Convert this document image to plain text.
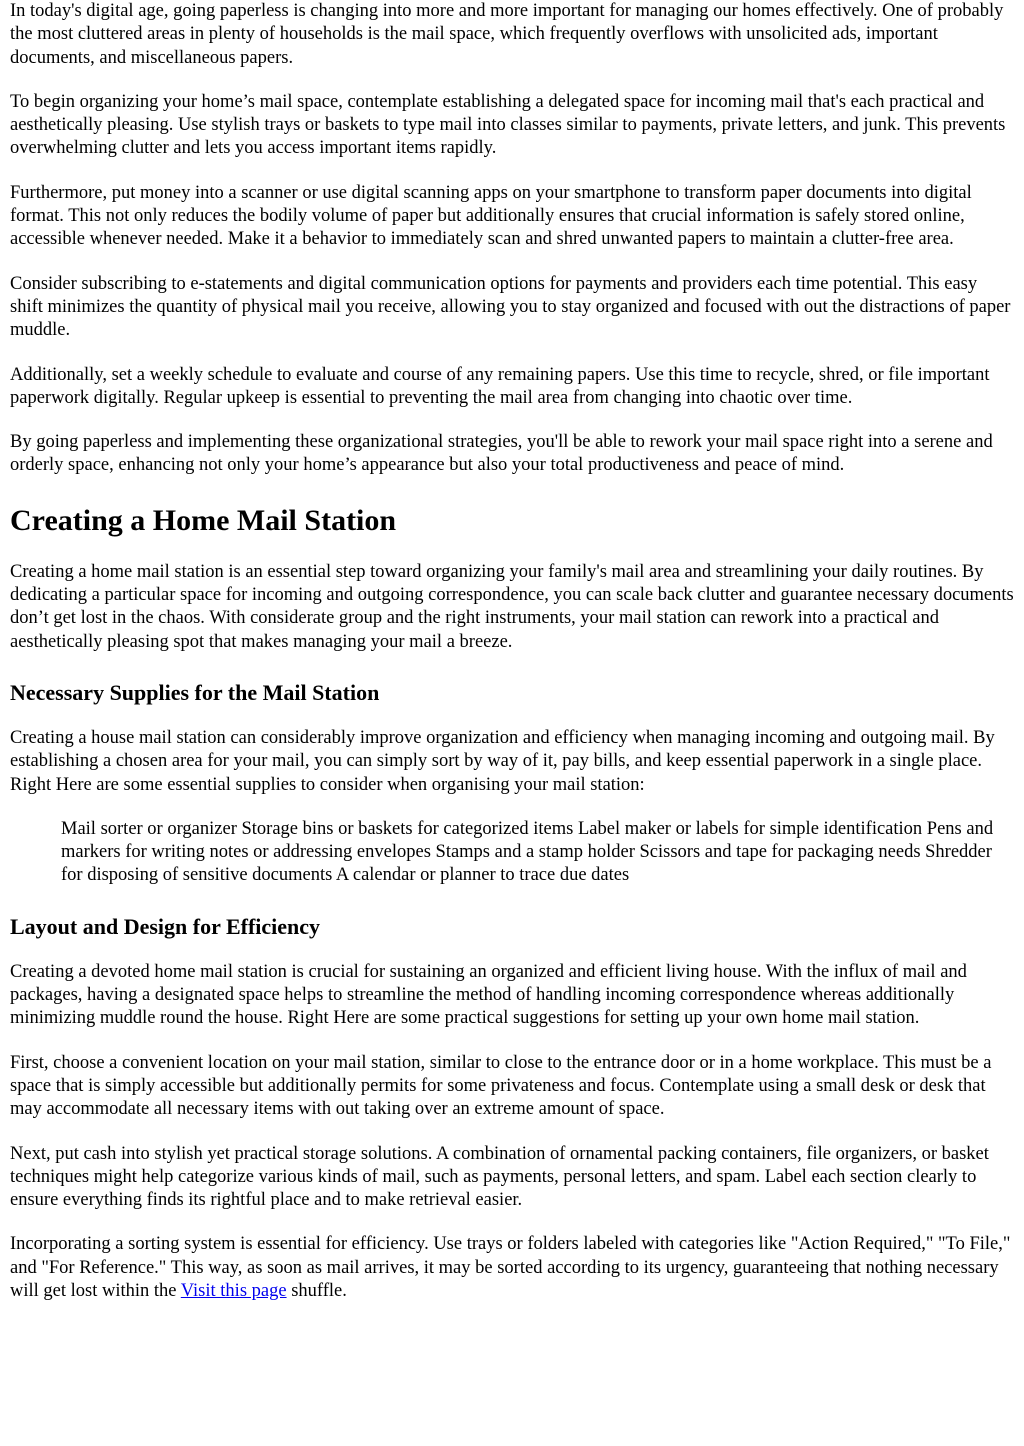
In today's digital age, going paperless is changing into more and more important for managing our homes effectively. One of probably the most cluttered areas in plenty of households is the mail space, which frequently overflows with unsolicited ads, important documents, and miscellaneous papers.

To begin organizing your home’s mail space, contemplate establishing a delegated space for incoming mail that's each practical and aesthetically pleasing. Use stylish trays or baskets to type mail into classes similar to payments, private letters, and junk. This prevents overwhelming clutter and lets you access important items rapidly.

Furthermore, put money into a scanner or use digital scanning apps on your smartphone to transform paper documents into digital format. This not only reduces the bodily volume of paper but additionally ensures that crucial information is safely stored online, accessible whenever needed. Make it a behavior to immediately scan and shred unwanted papers to maintain a clutter-free area.

Consider subscribing to e-statements and digital communication options for payments and providers each time potential. This easy shift minimizes the quantity of physical mail you receive, allowing you to stay organized and focused with out the distractions of paper muddle.

Additionally, set a weekly schedule to evaluate and course of any remaining papers. Use this time to recycle, shred, or file important paperwork digitally. Regular upkeep is essential to preventing the mail area from changing into chaotic over time.

By going paperless and implementing these organizational strategies, you'll be able to rework your mail space right into a serene and orderly space, enhancing not only your home’s appearance but also your total productiveness and peace of mind.

Creating a Home Mail Station

Creating a home mail station is an essential step toward organizing your family's mail area and streamlining your daily routines. By dedicating a particular space for incoming and outgoing correspondence, you can scale back clutter and guarantee necessary documents don’t get lost in the chaos. With considerate group and the right instruments, your mail station can rework into a practical and aesthetically pleasing spot that makes managing your mail a breeze.

Necessary Supplies for the Mail Station

Creating a house mail station can considerably improve organization and efficiency when managing incoming and outgoing mail. By establishing a chosen area for your mail, you can simply sort by way of it, pay bills, and keep essential paperwork in a single place. Right Here are some essential supplies to consider when organising your mail station:

Mail sorter or organizer Storage bins or baskets for categorized items Label maker or labels for simple identification Pens and markers for writing notes or addressing envelopes Stamps and a stamp holder Scissors and tape for packaging needs Shredder for disposing of sensitive documents A calendar or planner to trace due dates
Layout and Design for Efficiency

Creating a devoted home mail station is crucial for sustaining an organized and efficient living house. With the influx of mail and packages, having a designated space helps to streamline the method of handling incoming correspondence whereas additionally minimizing muddle round the house. Right Here are some practical suggestions for setting up your own home mail station.

First, choose a convenient location on your mail station, similar to close to the entrance door or in a home workplace. This must be a space that is simply accessible but additionally permits for some privateness and focus. Contemplate using a small desk or desk that may accommodate all necessary items with out taking over an extreme amount of space.

Next, put cash into stylish yet practical storage solutions. A combination of ornamental packing containers, file organizers, or basket techniques might help categorize various kinds of mail, such as payments, personal letters, and spam. Label each section clearly to ensure everything finds its rightful place and to make retrieval easier.

Incorporating a sorting system is essential for efficiency. Use trays or folders labeled with categories like "Action Required," "To File," and "For Reference." This way, as soon as mail arrives, it may be sorted according to its urgency, guaranteeing that nothing necessary will get lost within the Visit this page shuffle.
